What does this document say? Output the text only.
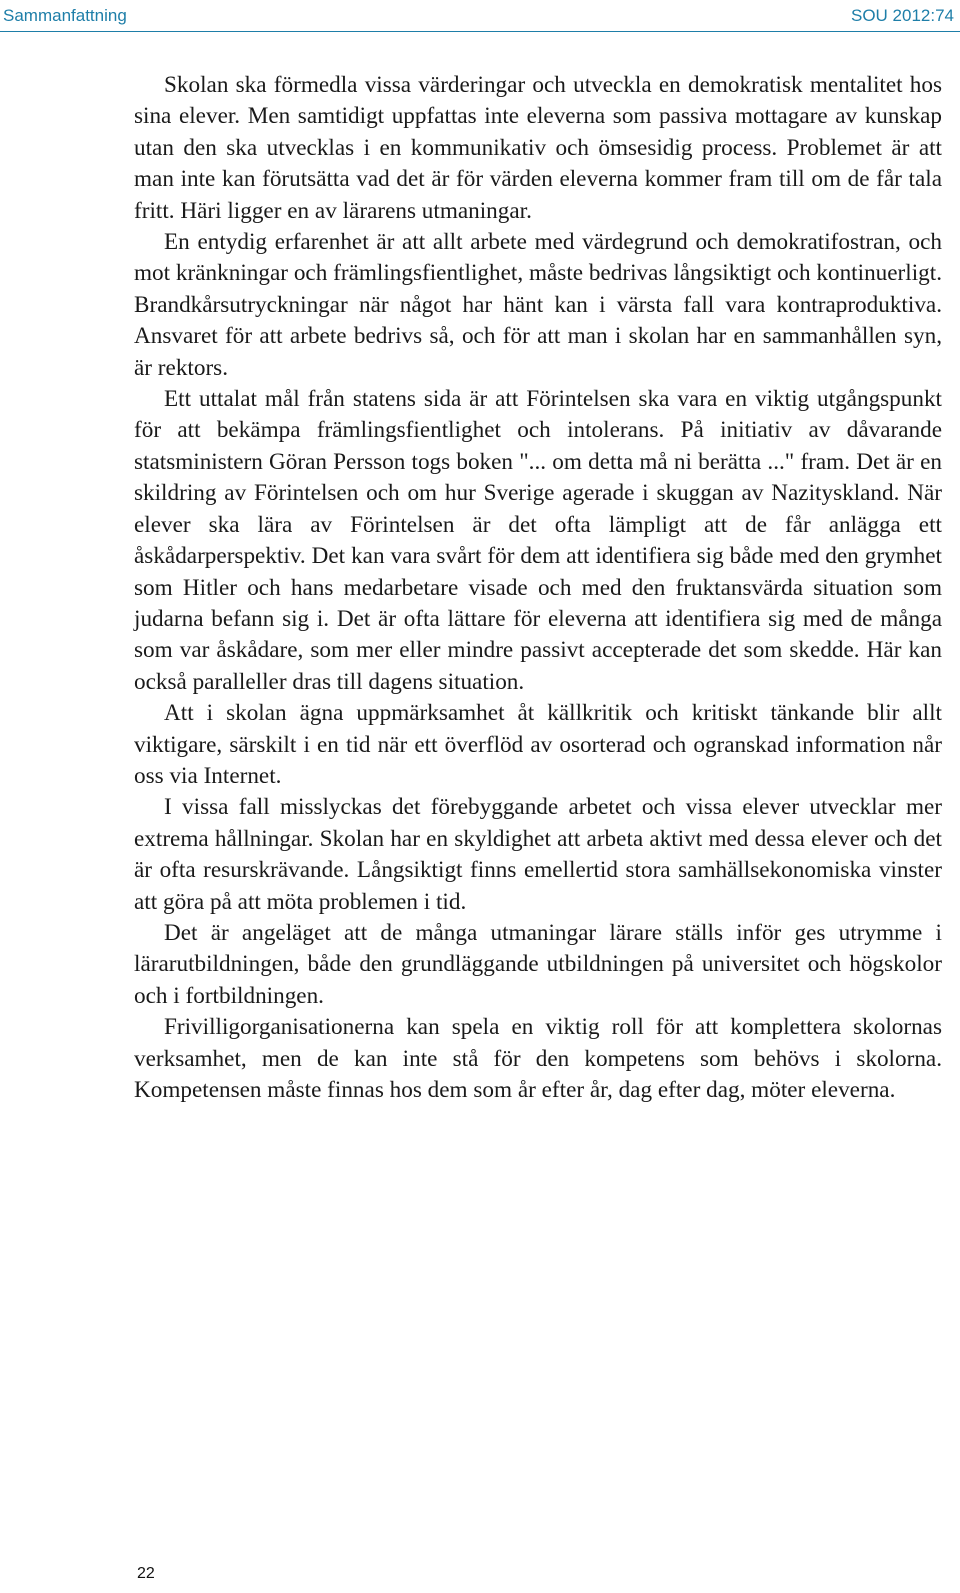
Sammanfattning	SOU 2012:74

Skolan ska förmedla vissa värderingar och utveckla en demokratisk mentalitet hos sina elever. Men samtidigt uppfattas inte eleverna som passiva mottagare av kunskap utan den ska utvecklas i en kommunikativ och ömsesidig process. Problemet är att man inte kan förutsätta vad det är för värden eleverna kommer fram till om de får tala fritt. Häri ligger en av lärarens utmaningar.

En entydig erfarenhet är att allt arbete med värdegrund och demokratifostran, och mot kränkningar och främlingsfientlighet, måste bedrivas långsiktigt och kontinuerligt. Brandkårsutryckningar när något har hänt kan i värsta fall vara kontraproduktiva. Ansvaret för att arbete bedrivs så, och för att man i skolan har en sammanhållen syn, är rektors.

Ett uttalat mål från statens sida är att Förintelsen ska vara en viktig utgångspunkt för att bekämpa främlingsfientlighet och intolerans. På initiativ av dåvarande statsministern Göran Persson togs boken "... om detta må ni berätta ..." fram. Det är en skildring av Förintelsen och om hur Sverige agerade i skuggan av Nazityskland. När elever ska lära av Förintelsen är det ofta lämpligt att de får anlägga ett åskådarperspektiv. Det kan vara svårt för dem att identifiera sig både med den grymhet som Hitler och hans medarbetare visade och med den fruktansvärda situation som judarna befann sig i. Det är ofta lättare för eleverna att identifiera sig med de många som var åskådare, som mer eller mindre passivt accepterade det som skedde. Här kan också paralleller dras till dagens situation.

Att i skolan ägna uppmärksamhet åt källkritik och kritiskt tänkande blir allt viktigare, särskilt i en tid när ett överflöd av osorterad och ogranskad information når oss via Internet.

I vissa fall misslyckas det förebyggande arbetet och vissa elever utvecklar mer extrema hållningar. Skolan har en skyldighet att arbeta aktivt med dessa elever och det är ofta resurskrävande. Långsiktigt finns emellertid stora samhällsekonomiska vinster att göra på att möta problemen i tid.

Det är angeläget att de många utmaningar lärare ställs inför ges utrymme i lärarutbildningen, både den grundläggande utbildningen på universitet och högskolor och i fortbildningen.

Frivilligorganisationerna kan spela en viktig roll för att komplettera skolornas verksamhet, men de kan inte stå för den kompetens som behövs i skolorna. Kompetensen måste finnas hos dem som år efter år, dag efter dag, möter eleverna.

22
